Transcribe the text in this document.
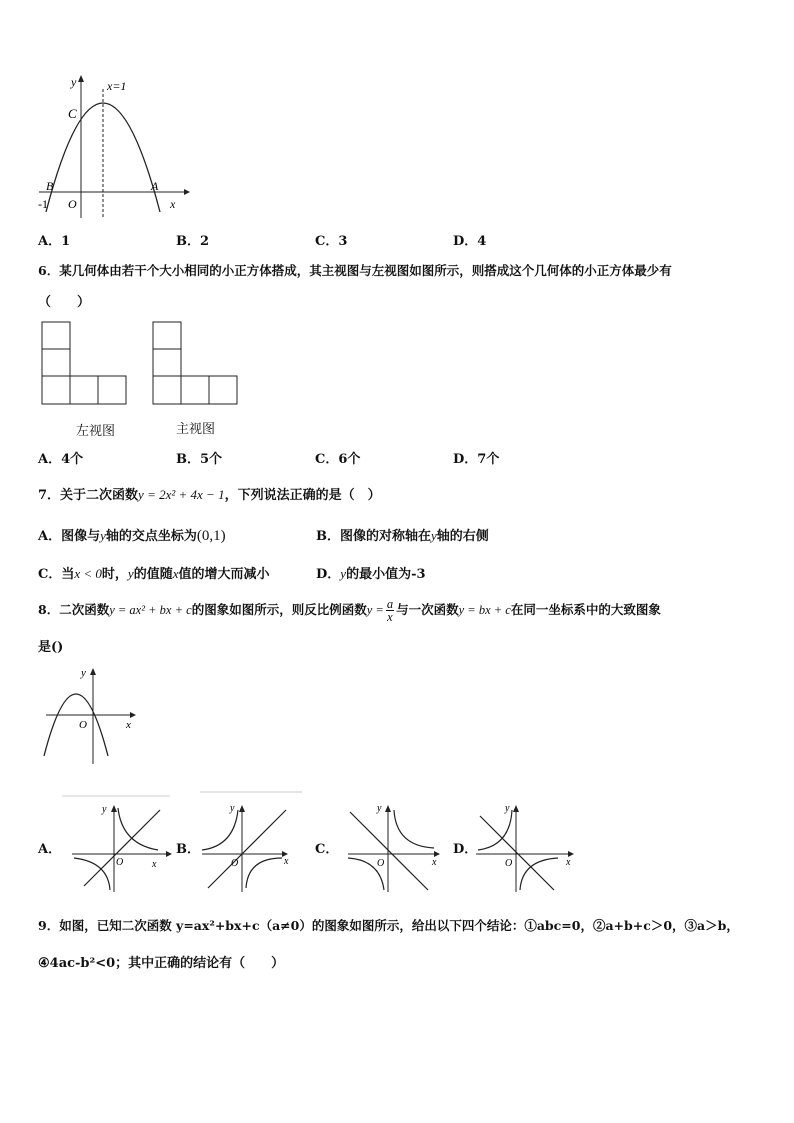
y	x=1
C
B	A
-1 O	x
A．1	B．2	C．3	D．4
6．某几何体由若干个大小相同的小正方体搭成，其主视图与左视图如图所示，则搭成这个几何体的小正方体最少有
（　　）
左视图	主视图
A．4个	B．5个	C．6个	D．7个
7．关于二次函数y = 2x² + 4x − 1，下列说法正确的是（　）
A．图像与y轴的交点坐标为(0,1)	B．图像的对称轴在y轴的右侧
C．当x < 0时，y的值随x值的增大而减小	D．y的最小值为-3
8．二次函数y = ax² + bx + c的图象如图所示，则反比例函数$y = \frac{a}{x}$ 与一次函数y = bx + c在同一坐标系中的大致图象
是()
y
O	x
A．	B．	C．	D．
y
O	x
y
O	x
y
O	x
y
O	x
9．如图，已知二次函数 y=ax²+bx+c（a≠0）的图象如图所示，给出以下四个结论：①abc=0，②a+b+c＞0，③a＞b，
④4ac-b²<0；其中正确的结论有（　　）
